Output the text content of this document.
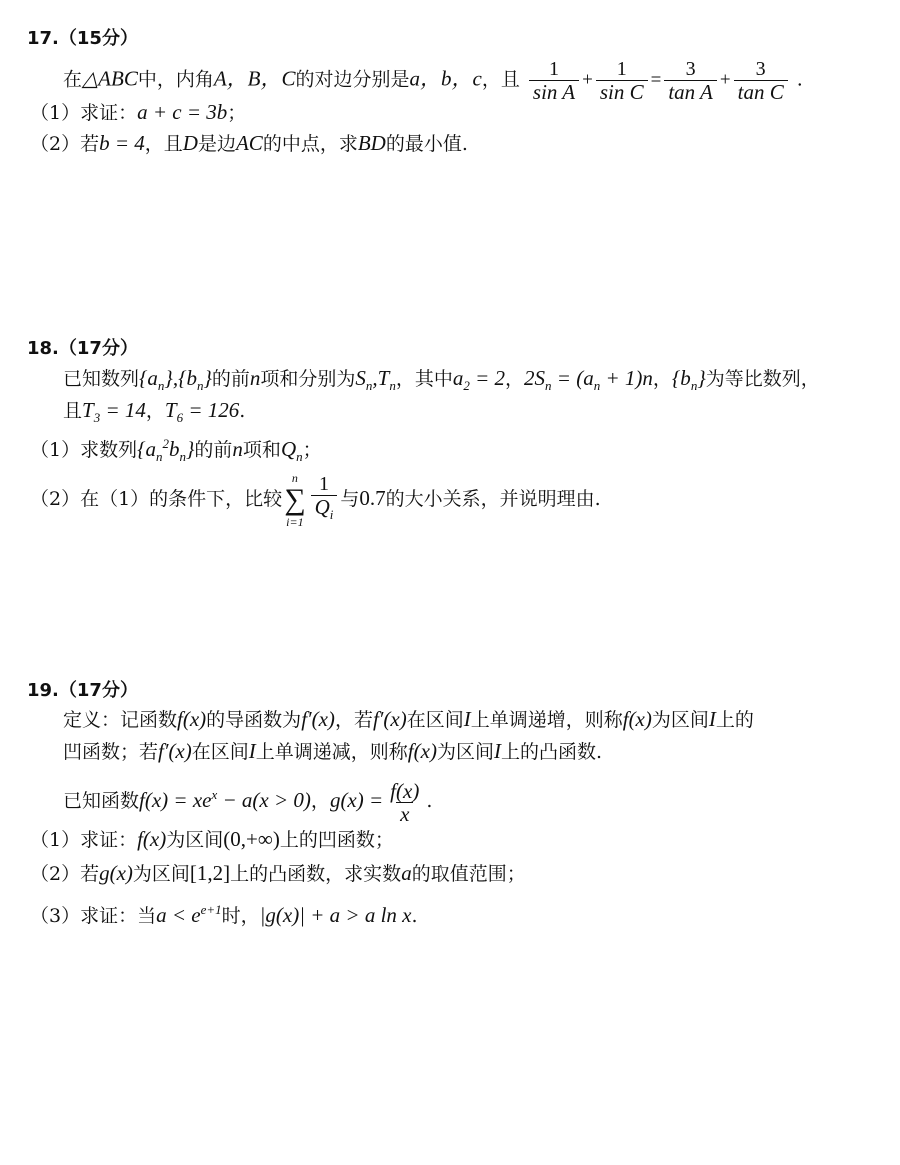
17.（15分）
在△ABC中，内角A，B，C的对边分别是a，b，c，且 $\frac{1}{\text{sin A}} + \frac{1}{\text{sin C}} = \frac{3}{\text{tan A}} + \frac{3}{\text{tan C}}$ .
（1）求证：a + c = 3b；
（2）若b = 4，且D是边AC的中点，求BD的最小值.
18.（17分）
已知数列$\{a_n\},\{b_n\}$的前n项和分别为$S_n,T_n$，其中$a_2 = 2$，$2S_n = (a_n + 1)n$，$\{b_n\}$为等比数列，
且$T_3 = 14$，$T_6 = 126$.
（1）求数列$\{a_n^2b_n\}$的前n项和$Q_n$；
（2）在（1）的条件下，比较
n
∑
$i=1 \frac{1}{Q_i}$ 与0.7的大小关系，并说明理由.
19.（17分）
定义：记函数f(x)的导函数为f′(x)，若f′(x)在区间I上单调递增，则称f(x)为区间I上的
凹函数；若f′(x)在区间I上单调递减，则称f(x)为区间I上的凸函数.
已知函数$f(x) = xe^x - a(x > 0)$，$g(x) = \frac{f(x)}{x}$ .
（1）求证：f(x)为区间(0,+∞)上的凹函数；
（2）若g(x)为区间[1,2]上的凸函数，求实数a的取值范围；
（3）求证：当$a < e^{e+1}$时，|g(x)| + a > a ln x.
